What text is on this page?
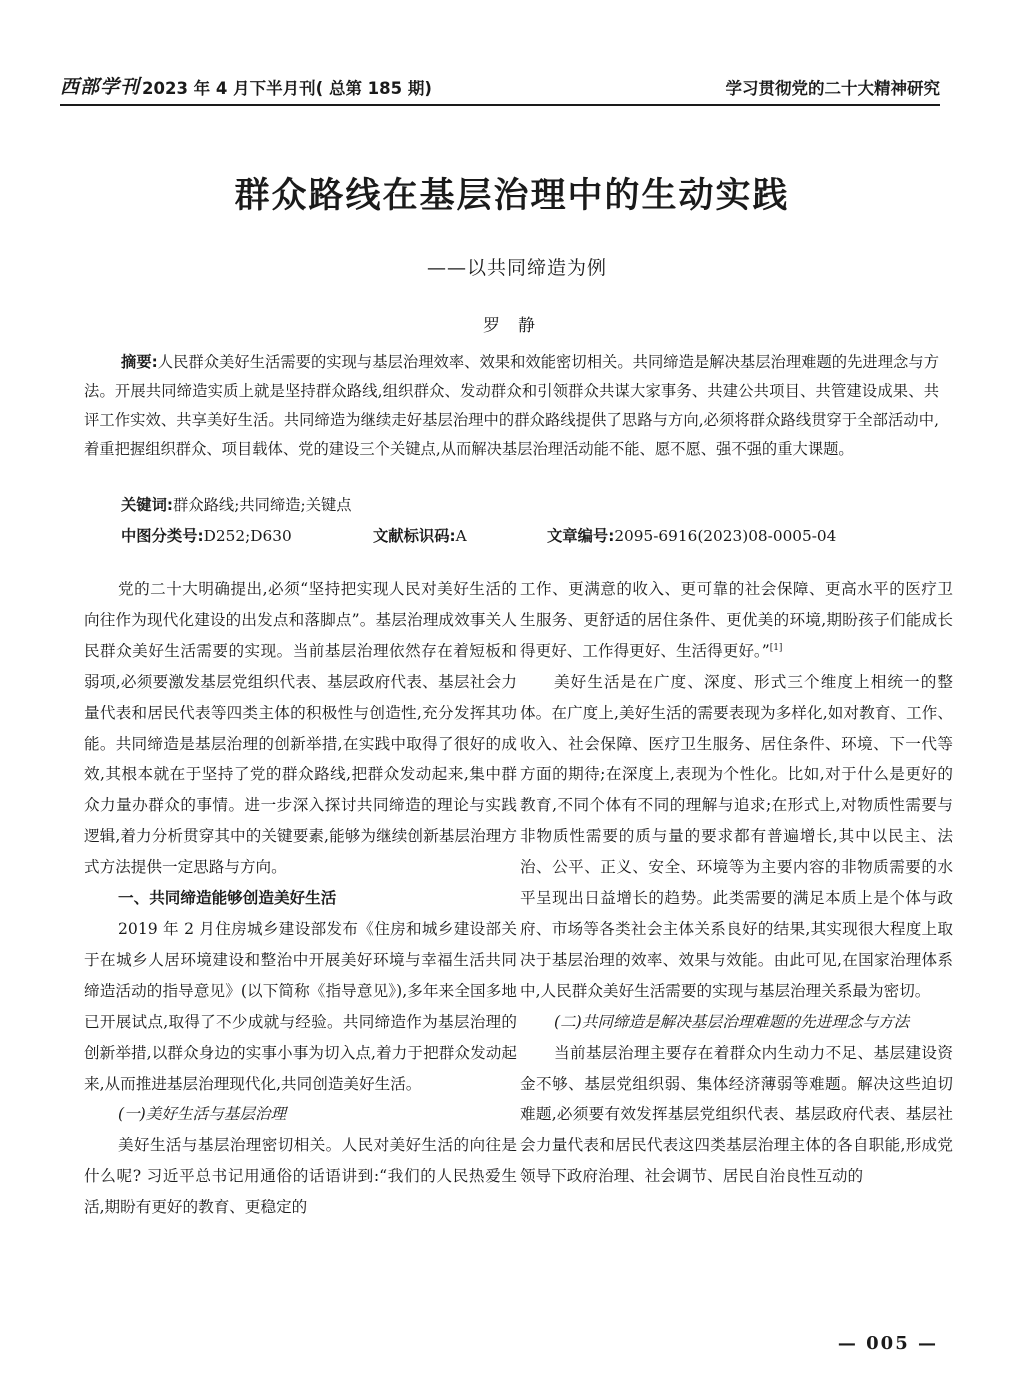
西部学刊 2023 年 4 月下半月刊( 总第 185 期)	学习贯彻党的二十大精神研究
群众路线在基层治理中的生动实践
——以共同缔造为例
罗静
摘要:人民群众美好生活需要的实现与基层治理效率、效果和效能密切相关。共同缔造是解决基层治理难题的先进理念与方法。开展共同缔造实质上就是坚持群众路线,组织群众、发动群众和引领群众共谋大家事务、共建公共项目、共管建设成果、共评工作实效、共享美好生活。共同缔造为继续走好基层治理中的群众路线提供了思路与方向,必须将群众路线贯穿于全部活动中,着重把握组织群众、项目载体、党的建设三个关键点,从而解决基层治理活动能不能、愿不愿、强不强的重大课题。
关键词:群众路线;共同缔造;关键点
中图分类号:D252;D630	文献标识码:A	文章编号:2095-6916(2023)08-0005-04

党的二十大明确提出,必须“坚持把实现人民对美好生活的向往作为现代化建设的出发点和落脚点”。基层治理成效事关人民群众美好生活需要的实现。当前基层治理依然存在着短板和弱项,必须要激发基层党组织代表、基层政府代表、基层社会力量代表和居民代表等四类主体的积极性与创造性,充分发挥其功能。共同缔造是基层治理的创新举措,在实践中取得了很好的成效,其根本就在于坚持了党的群众路线,把群众发动起来,集中群众力量办群众的事情。进一步深入探讨共同缔造的理论与实践逻辑,着力分析贯穿其中的关键要素,能够为继续创新基层治理方式方法提供一定思路与方向。

一、共同缔造能够创造美好生活

2019 年 2 月住房城乡建设部发布《住房和城乡建设部关于在城乡人居环境建设和整治中开展美好环境与幸福生活共同缔造活动的指导意见》(以下简称《指导意见》),多年来全国多地已开展试点,取得了不少成就与经验。共同缔造作为基层治理的创新举措,以群众身边的实事小事为切入点,着力于把群众发动起来,从而推进基层治理现代化,共同创造美好生活。

(一)美好生活与基层治理

美好生活与基层治理密切相关。人民对美好生活的向往是什么呢? 习近平总书记用通俗的话语讲到:“我们的人民热爱生活,期盼有更好的教育、更稳定的

工作、更满意的收入、更可靠的社会保障、更高水平的医疗卫生服务、更舒适的居住条件、更优美的环境,期盼孩子们能成长得更好、工作得更好、生活得更好。”[1]

美好生活是在广度、深度、形式三个维度上相统一的整体。在广度上,美好生活的需要表现为多样化,如对教育、工作、收入、社会保障、医疗卫生服务、居住条件、环境、下一代等方面的期待;在深度上,表现为个性化。比如,对于什么是更好的教育,不同个体有不同的理解与追求;在形式上,对物质性需要与非物质性需要的质与量的要求都有普遍增长,其中以民主、法治、公平、正义、安全、环境等为主要内容的非物质需要的水平呈现出日益增长的趋势。此类需要的满足本质上是个体与政府、市场等各类社会主体关系良好的结果,其实现很大程度上取决于基层治理的效率、效果与效能。由此可见,在国家治理体系中,人民群众美好生活需要的实现与基层治理关系最为密切。

(二)共同缔造是解决基层治理难题的先进理念与方法

当前基层治理主要存在着群众内生动力不足、基层建设资金不够、基层党组织弱、集体经济薄弱等难题。解决这些迫切难题,必须要有效发挥基层党组织代表、基层政府代表、基层社会力量代表和居民代表这四类基层治理主体的各自职能,形成党领导下政府治理、社会调节、居民自治良性互动的

— 005 —
